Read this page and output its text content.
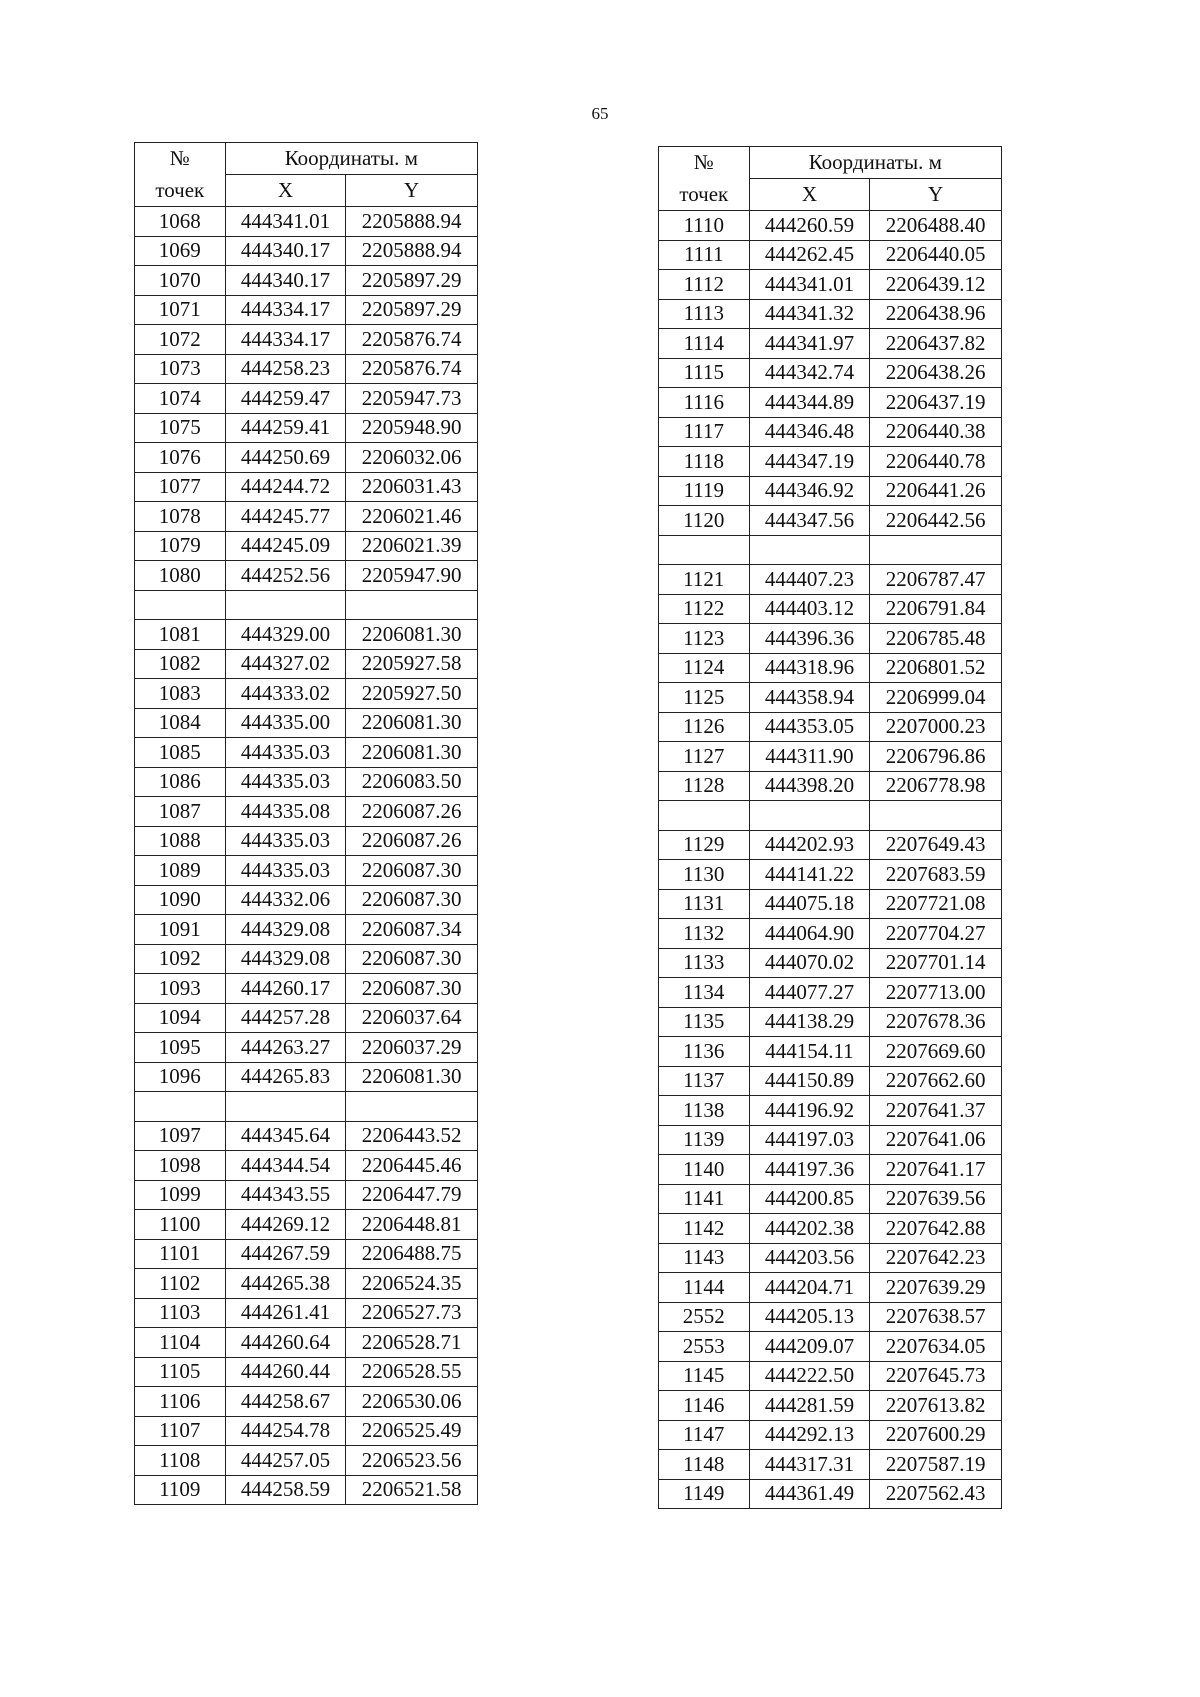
65
№
точек	Координаты. м	
	X	Y
1068	444341.01	2205888.94
1069	444340.17	2205888.94
1070	444340.17	2205897.29
1071	444334.17	2205897.29
1072	444334.17	2205876.74
1073	444258.23	2205876.74
1074	444259.47	2205947.73
1075	444259.41	2205948.90
1076	444250.69	2206032.06
1077	444244.72	2206031.43
1078	444245.77	2206021.46
1079	444245.09	2206021.39
1080	444252.56	2205947.90

1081	444329.00	2206081.30
1082	444327.02	2205927.58
1083	444333.02	2205927.50
1084	444335.00	2206081.30
1085	444335.03	2206081.30
1086	444335.03	2206083.50
1087	444335.08	2206087.26
1088	444335.03	2206087.26
1089	444335.03	2206087.30
1090	444332.06	2206087.30
1091	444329.08	2206087.34
1092	444329.08	2206087.30
1093	444260.17	2206087.30
1094	444257.28	2206037.64
1095	444263.27	2206037.29
1096	444265.83	2206081.30

1097	444345.64	2206443.52
1098	444344.54	2206445.46
1099	444343.55	2206447.79
1100	444269.12	2206448.81
1101	444267.59	2206488.75
1102	444265.38	2206524.35
1103	444261.41	2206527.73
1104	444260.64	2206528.71
1105	444260.44	2206528.55
1106	444258.67	2206530.06
1107	444254.78	2206525.49
1108	444257.05	2206523.56
1109	444258.59	2206521.58
№
точек	Координаты. м	
	X	Y
1110	444260.59	2206488.40
1111	444262.45	2206440.05
1112	444341.01	2206439.12
1113	444341.32	2206438.96
1114	444341.97	2206437.82
1115	444342.74	2206438.26
1116	444344.89	2206437.19
1117	444346.48	2206440.38
1118	444347.19	2206440.78
1119	444346.92	2206441.26
1120	444347.56	2206442.56

1121	444407.23	2206787.47
1122	444403.12	2206791.84
1123	444396.36	2206785.48
1124	444318.96	2206801.52
1125	444358.94	2206999.04
1126	444353.05	2207000.23
1127	444311.90	2206796.86
1128	444398.20	2206778.98

1129	444202.93	2207649.43
1130	444141.22	2207683.59
1131	444075.18	2207721.08
1132	444064.90	2207704.27
1133	444070.02	2207701.14
1134	444077.27	2207713.00
1135	444138.29	2207678.36
1136	444154.11	2207669.60
1137	444150.89	2207662.60
1138	444196.92	2207641.37
1139	444197.03	2207641.06
1140	444197.36	2207641.17
1141	444200.85	2207639.56
1142	444202.38	2207642.88
1143	444203.56	2207642.23
1144	444204.71	2207639.29
2552	444205.13	2207638.57
2553	444209.07	2207634.05
1145	444222.50	2207645.73
1146	444281.59	2207613.82
1147	444292.13	2207600.29
1148	444317.31	2207587.19
1149	444361.49	2207562.43
